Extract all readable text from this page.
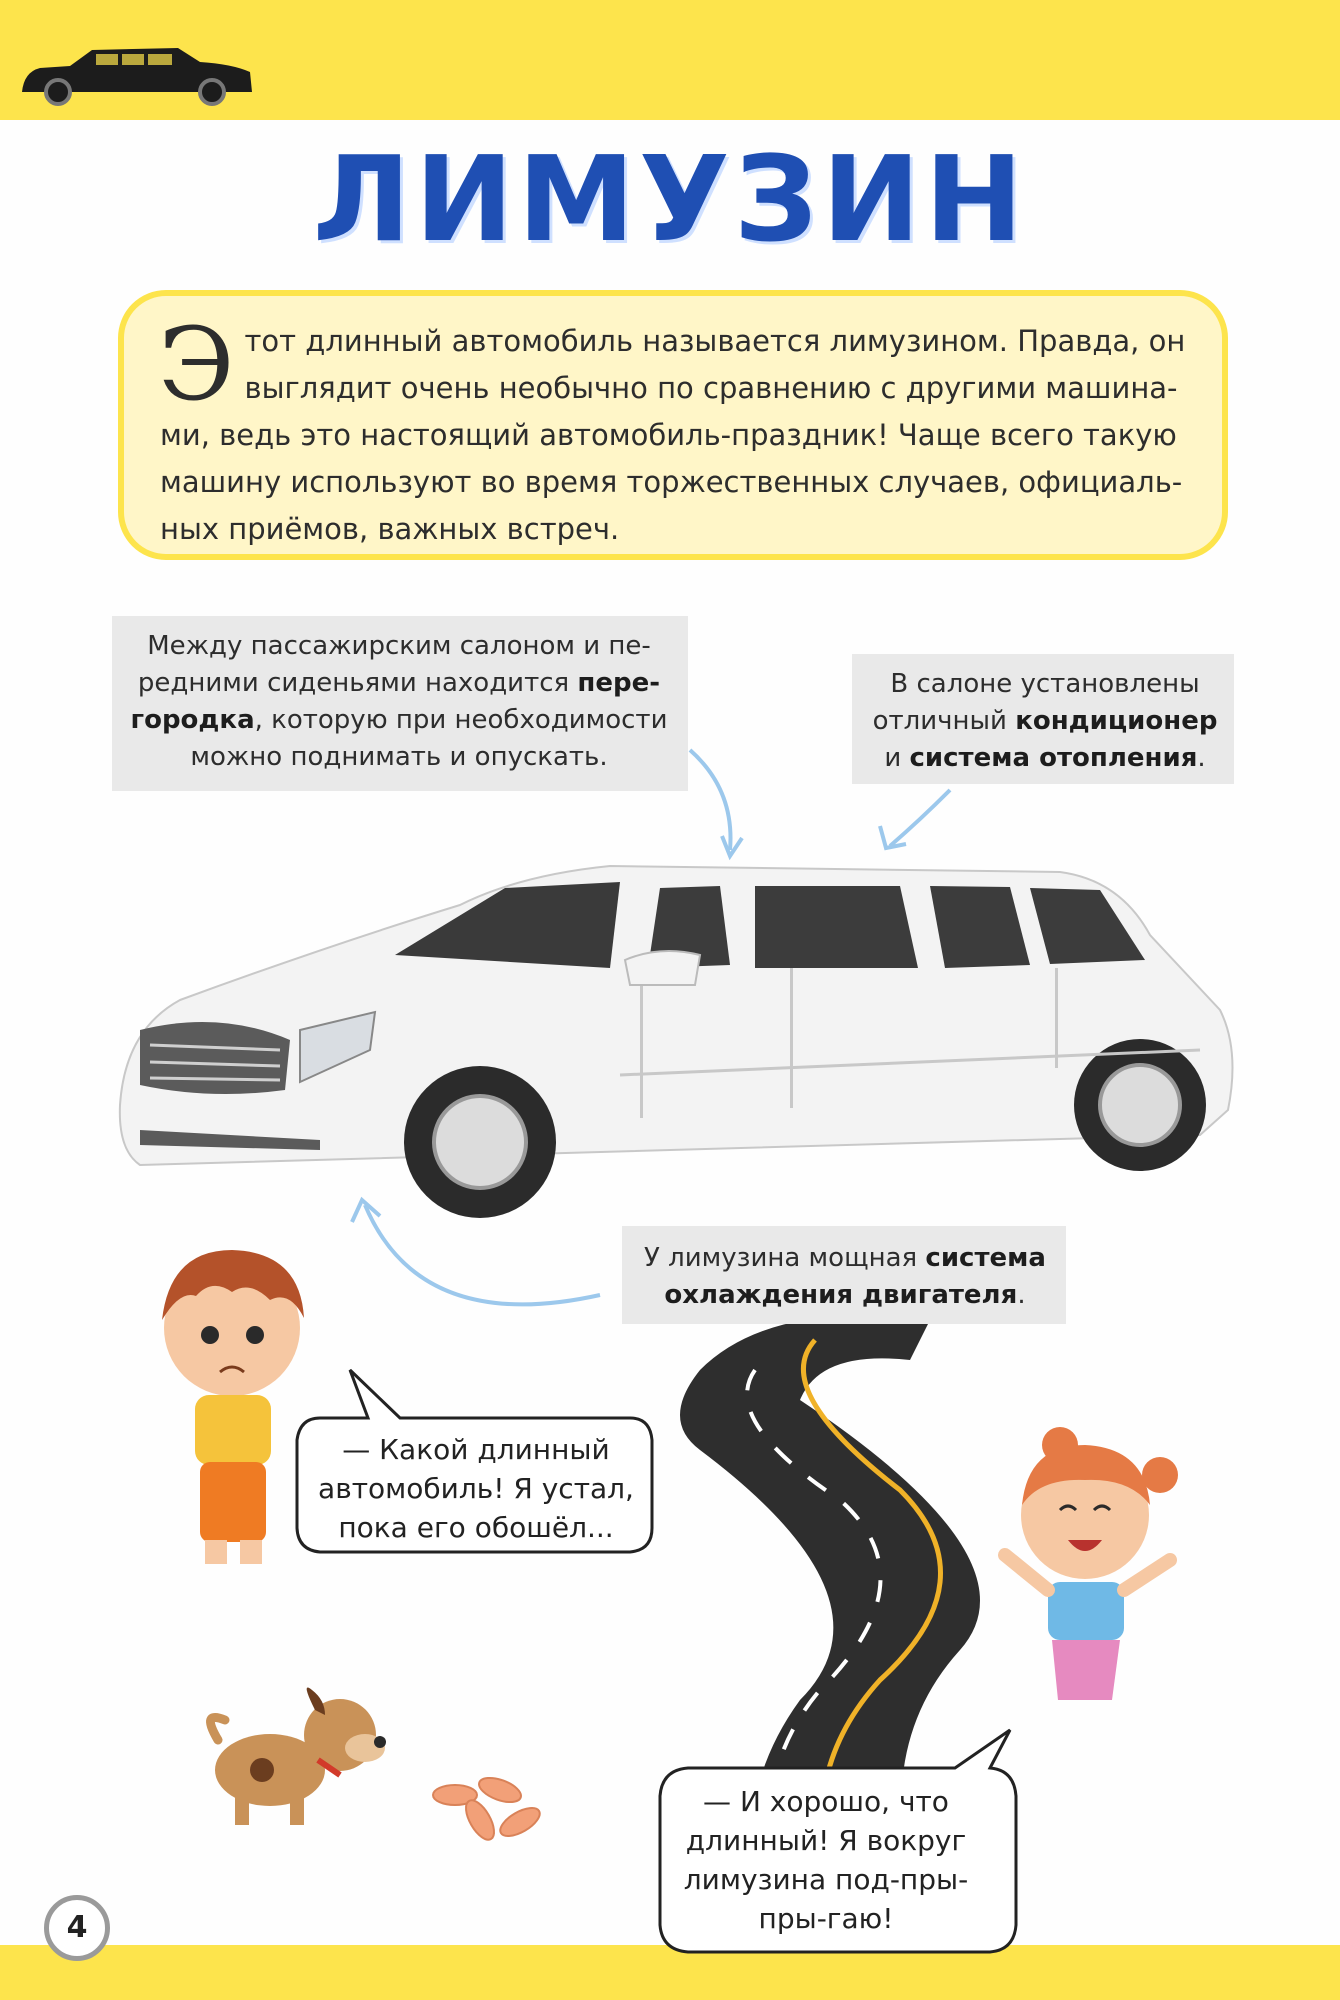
ЛИМУЗИН

Этот длинный автомобиль называется лимузином. Правда, он выглядит очень необычно по сравнению с другими машина-ми, ведь это настоящий автомобиль-праздник! Чаще всего такую машину используют во время торжественных случаев, официаль-ных приёмов, важных встреч.

Между пассажирским салоном и пе-редними сиденьями находится пере-городка, которую при необходимости можно поднимать и опускать.

В салоне установлены отличный кондиционер и система отопления.

У лимузина мощная система охлаждения двигателя.

— Какой длинный автомобиль! Я устал, пока его обошёл...

— И хорошо, что длинный! Я вокруг лимузина под-пры-пры-гаю!

4
